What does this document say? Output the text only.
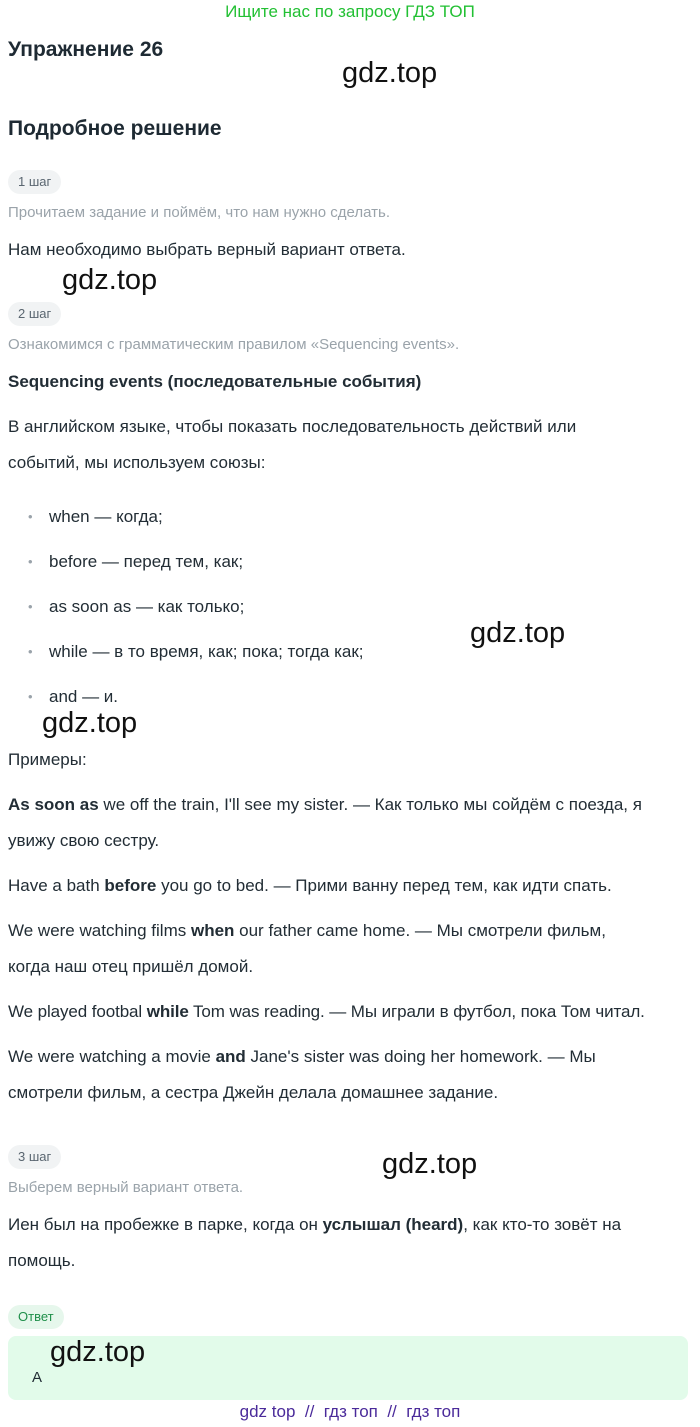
Ищите нас по запросу ГДЗ ТОП
Упражнение 26
gdz.top
Подробное решение
1 шаг
Прочитаем задание и поймём, что нам нужно сделать.
Нам необходимо выбрать верный вариант ответа.
gdz.top
2 шаг
Ознакомимся с грамматическим правилом «Sequencing events».
Sequencing events (последовательные события)
В английском языке, чтобы показать последовательность действий или
событий, мы используем союзы:
• when — когда;
• before — перед тем, как;
• as soon as — как только;
• while — в то время, как; пока; тогда как;
• and — и.
gdz.top
gdz.top
Примеры:
As soon as we off the train, I'll see my sister. — Как только мы сойдём с поезда, я
увижу свою сестру.
Have a bath before you go to bed. — Прими ванну перед тем, как идти спать.
We were watching films when our father came home. — Мы смотрели фильм,
когда наш отец пришёл домой.
We played footbal while Tom was reading. — Мы играли в футбол, пока Том читал.
We were watching a movie and Jane's sister was doing her homework. — Мы
смотрели фильм, а сестра Джейн делала домашнее задание.
3 шаг	gdz.top
Выберем верный вариант ответа.
Иен был на пробежке в парке, когда он услышал (heard), как кто-то зовёт на
помощь.
Ответ
А
gdz.top
gdz top  //  гдз топ  //  гдз топ
